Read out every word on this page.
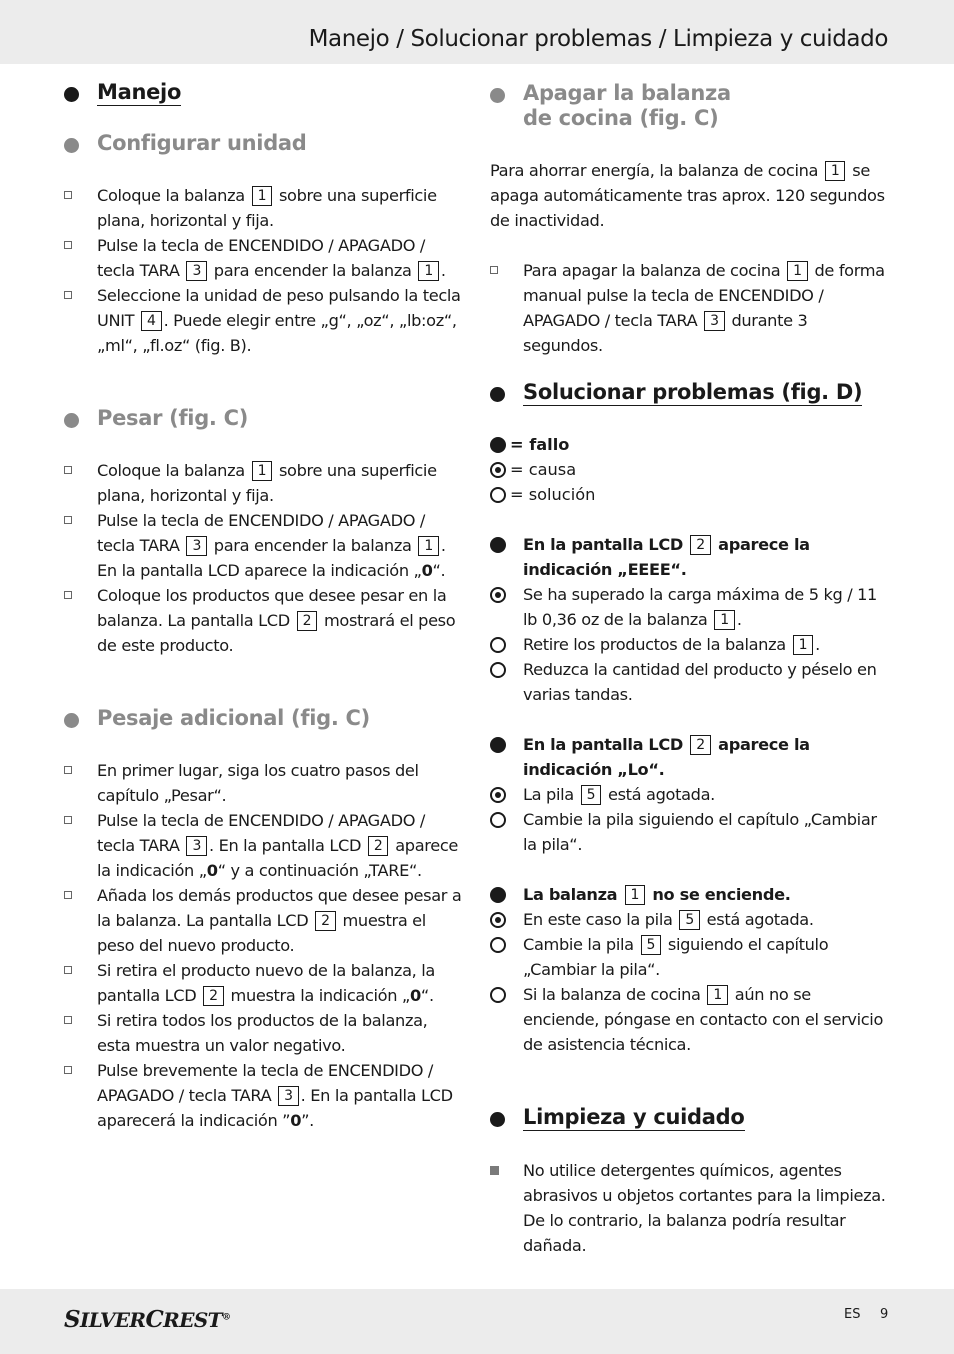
Manejo / Solucionar problemas / Limpieza y cuidado
Manejo
Configurar unidad
Coloque la balanza 1 sobre una superficie plana, horizontal y fija.
Pulse la tecla de ENCENDIDO / APAGADO / tecla TARA 3 para encender la balanza 1 .
Seleccione la unidad de peso pulsando la tecla UNIT 4 . Puede elegir entre „g“, „oz“, „lb:oz“, „ml“, „fl.oz“ (fig. B).
Pesar (fig. C)
Coloque la balanza 1 sobre una superficie plana, horizontal y fija.
Pulse la tecla de ENCENDIDO / APAGADO / tecla TARA 3 para encender la balanza 1 . En la pantalla LCD aparece la indicación „0“.
Coloque los productos que desee pesar en la balanza. La pantalla LCD 2 mostrará el peso de este producto.
Pesaje adicional (fig. C)
En primer lugar, siga los cuatro pasos del capítulo „Pesar“.
Pulse la tecla de ENCENDIDO / APAGADO / tecla TARA 3 . En la pantalla LCD 2 aparece la indicación „0“ y a continuación „TARE“.
Añada los demás productos que desee pesar a la balanza. La pantalla LCD 2 muestra el peso del nuevo producto.
Si retira el producto nuevo de la balanza, la pantalla LCD 2 muestra la indicación „0“.
Si retira todos los productos de la balanza, esta muestra un valor negativo.
Pulse brevemente la tecla de ENCENDIDO / APAGADO / tecla TARA 3 . En la pantalla LCD aparecerá la indicación ”0”.
Apagar la balanza
de cocina (fig. C)
Para ahorrar energía, la balanza de cocina 1 se apaga automáticamente tras aprox. 120 segundos de inactividad.
Para apagar la balanza de cocina 1 de forma manual pulse la tecla de ENCENDIDO / APAGADO / tecla TARA 3 durante 3 segundos.
Solucionar problemas (fig. D)
= fallo
= causa
= solución
En la pantalla LCD 2 aparece la indicación „EEEE“.
Se ha superado la carga máxima de 5 kg / 11 lb 0,36 oz de la balanza 1 .
Retire los productos de la balanza 1 .
Reduzca la cantidad del producto y péselo en varias tandas.
En la pantalla LCD 2 aparece la indicación „Lo“.
La pila 5 está agotada.
Cambie la pila siguiendo el capítulo „Cambiar la pila“.
La balanza 1 no se enciende.
En este caso la pila 5 está agotada.
Cambie la pila 5 siguiendo el capítulo „Cambiar la pila“.
Si la balanza de cocina 1 aún no se enciende, póngase en contacto con el servicio de asistencia técnica.
Limpieza y cuidado
No utilice detergentes químicos, agentes abrasivos u objetos cortantes para la limpieza. De lo contrario, la balanza podría resultar dañada.
SILVERCREST®	ES 9
